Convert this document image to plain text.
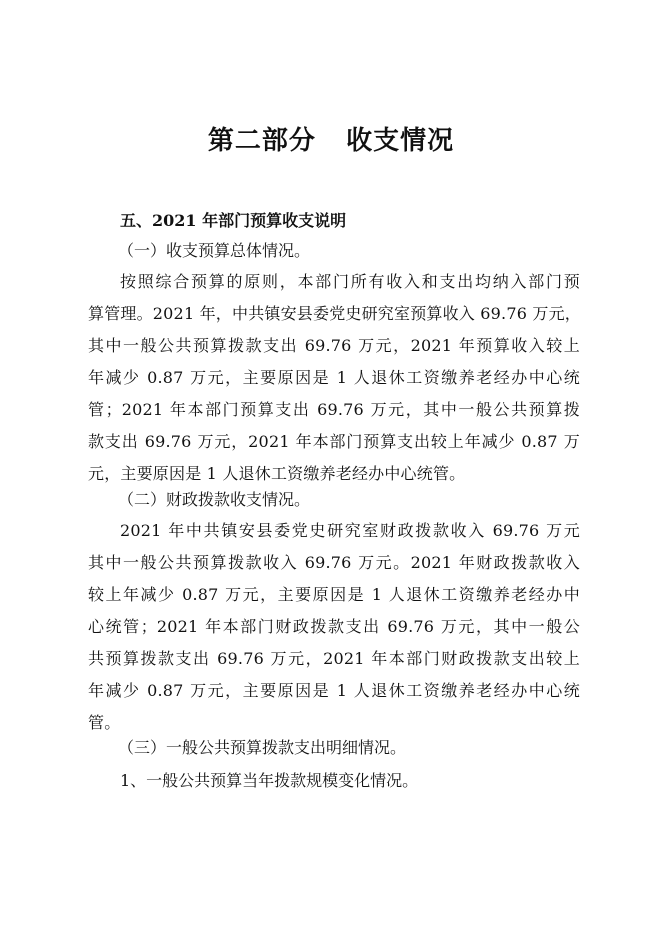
第二部分   收支情况
五、2021 年部门预算收支说明
（一）收支预算总体情况。
按照综合预算的原则，本部门所有收入和支出均纳入部门预
算管理。2021 年，中共镇安县委党史研究室预算收入 69.76 万元，
其中一般公共预算拨款支出 69.76 万元，2021 年预算收入较上
年减少 0.87 万元，主要原因是 1 人退休工资缴养老经办中心统
管；2021 年本部门预算支出 69.76 万元，其中一般公共预算拨
款支出 69.76 万元，2021 年本部门预算支出较上年减少 0.87 万
元，主要原因是 1 人退休工资缴养老经办中心统管。
（二）财政拨款收支情况。
2021 年中共镇安县委党史研究室财政拨款收入 69.76 万元
其中一般公共预算拨款收入 69.76 万元。2021 年财政拨款收入
较上年减少 0.87 万元，主要原因是 1 人退休工资缴养老经办中
心统管；2021 年本部门财政拨款支出 69.76 万元，其中一般公
共预算拨款支出 69.76 万元，2021 年本部门财政拨款支出较上
年减少 0.87 万元，主要原因是 1 人退休工资缴养老经办中心统
管。
（三）一般公共预算拨款支出明细情况。
1、一般公共预算当年拨款规模变化情况。
